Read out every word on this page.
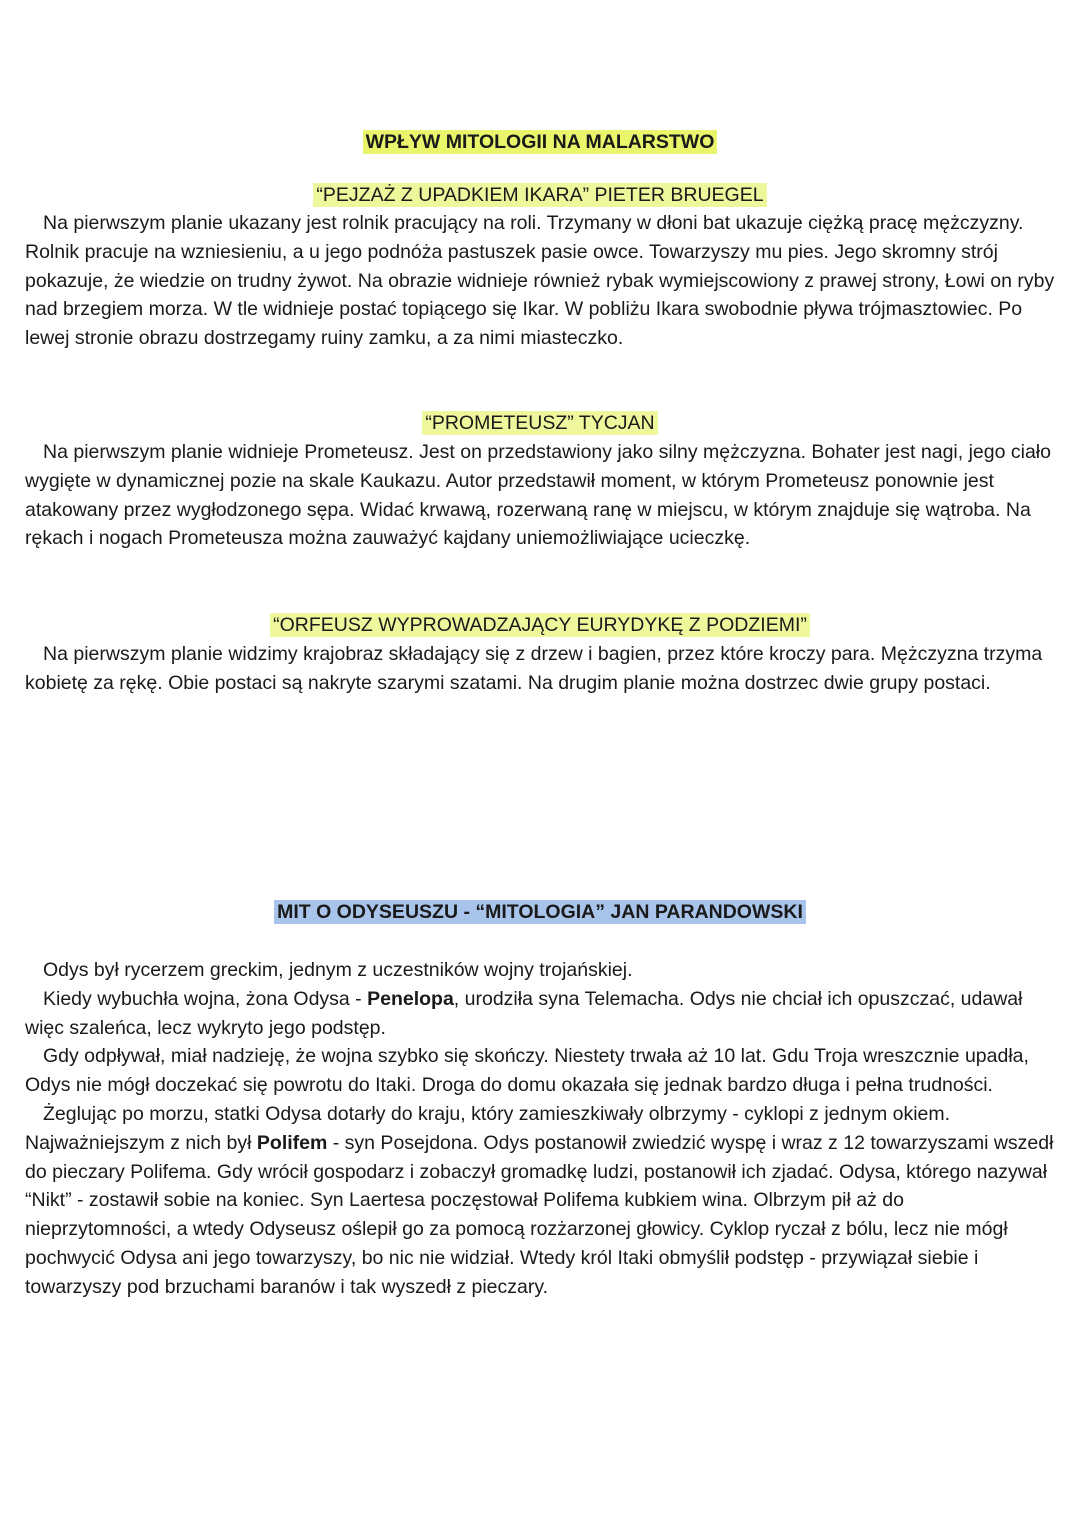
WPŁYW MITOLOGII NA MALARSTWO
“PEJZAŻ Z UPADKIEM IKARA” PIETER BRUEGEL

Na pierwszym planie ukazany jest rolnik pracujący na roli. Trzymany w dłoni bat ukazuje ciężką pracę mężczyzny. Rolnik pracuje na wzniesieniu, a u jego podnóża pastuszek pasie owce. Towarzyszy mu pies. Jego skromny strój pokazuje, że wiedzie on trudny żywot. Na obrazie widnieje również rybak wymiejscowiony z prawej strony, Łowi on ryby nad brzegiem morza. W tle widnieje postać topiącego się Ikar. W pobliżu Ikara swobodnie pływa trójmasztowiec. Po lewej stronie obrazu dostrzegamy ruiny zamku, a za nimi miasteczko.

“PROMETEUSZ” TYCJAN

Na pierwszym planie widnieje Prometeusz. Jest on przedstawiony jako silny mężczyzna. Bohater jest nagi, jego ciało wygięte w dynamicznej pozie na skale Kaukazu. Autor przedstawił moment, w którym Prometeusz ponownie jest atakowany przez wygłodzonego sępa. Widać krwawą, rozerwaną ranę w miejscu, w którym znajduje się wątroba. Na rękach i nogach Prometeusza można zauważyć kajdany uniemożliwiające ucieczkę.

“ORFEUSZ WYPROWADZAJĄCY EURYDYKĘ Z PODZIEMI”

Na pierwszym planie widzimy krajobraz składający się z drzew i bagien, przez które kroczy para. Mężczyzna trzyma kobietę za rękę. Obie postaci są nakryte szarymi szatami. Na drugim planie można dostrzec dwie grupy postaci.

MIT O ODYSEUSZU - “MITOLOGIA” JAN PARANDOWSKI

Odys był rycerzem greckim, jednym z uczestników wojny trojańskiej.

Kiedy wybuchła wojna, żona Odysa - Penelopa, urodziła syna Telemacha. Odys nie chciał ich opuszczać, udawał więc szaleńca, lecz wykryto jego podstęp.

Gdy odpływał, miał nadzieję, że wojna szybko się skończy. Niestety trwała aż 10 lat. Gdu Troja wreszcznie upadła, Odys nie mógł doczekać się powrotu do Itaki. Droga do domu okazała się jednak bardzo długa i pełna trudności.

Żeglując po morzu, statki Odysa dotarły do kraju, który zamieszkiwały olbrzymy - cyklopi z jednym okiem. Najważniejszym z nich był Polifem - syn Posejdona. Odys postanowił zwiedzić wyspę i wraz z 12 towarzyszami wszedł do pieczary Polifema. Gdy wrócił gospodarz i zobaczył gromadkę ludzi, postanowił ich zjadać. Odysa, którego nazywał “Nikt” - zostawił sobie na koniec. Syn Laertesa poczęstował Polifema kubkiem wina. Olbrzym pił aż do nieprzytomności, a wtedy Odyseusz oślepił go za pomocą rozżarzonej głowicy. Cyklop ryczał z bólu, lecz nie mógł pochwycić Odysa ani jego towarzyszy, bo nic nie widział. Wtedy król Itaki obmyślił podstęp - przywiązał siebie i towarzyszy pod brzuchami baranów i tak wyszedł z pieczary.
